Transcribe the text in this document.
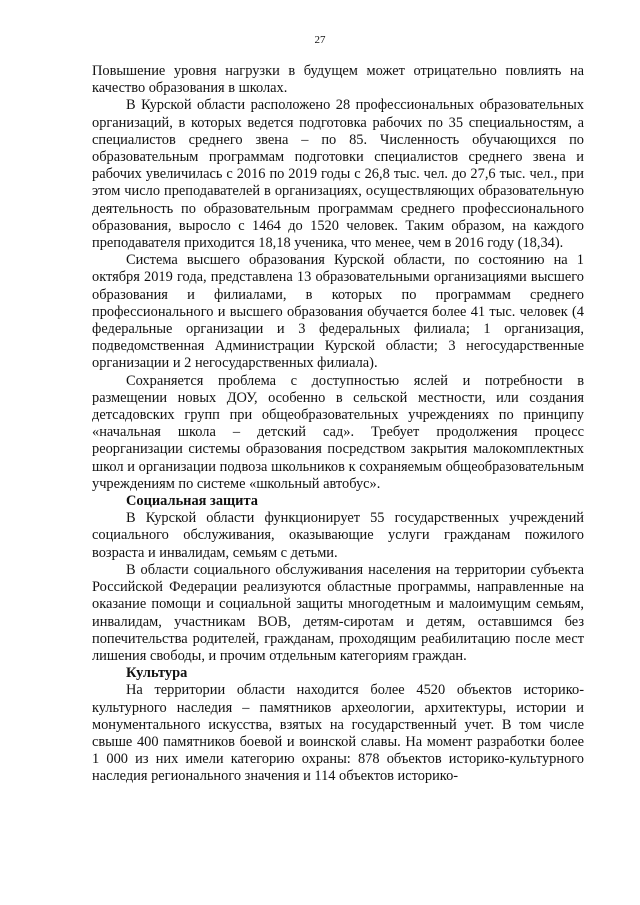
27

Повышение уровня нагрузки в будущем может отрицательно повлиять на качество образования в школах.

В Курской области расположено 28 профессиональных образовательных организаций, в которых ведется подготовка рабочих по 35 специальностям, а специалистов среднего звена – по 85. Численность обучающихся по образовательным программам подготовки специалистов среднего звена и рабочих увеличилась с 2016 по 2019 годы с 26,8 тыс. чел. до 27,6 тыс. чел., при этом число преподавателей в организациях, осуществляющих образовательную деятельность по образовательным программам среднего профессионального образования, выросло с 1464 до 1520 человек. Таким образом, на каждого преподавателя приходится 18,18 ученика, что менее, чем в 2016 году (18,34).

Система высшего образования Курской области, по состоянию на 1 октября 2019 года, представлена 13 образовательными организациями высшего образования и филиалами, в которых по программам среднего профессионального и высшего образования обучается более 41 тыс. человек (4 федеральные организации и 3 федеральных филиала; 1 организация, подведомственная Администрации Курской области; 3 негосударственные организации и 2 негосударственных филиала).

Сохраняется проблема с доступностью яслей и потребности в размещении новых ДОУ, особенно в сельской местности, или создания детсадовских групп при общеобразовательных учреждениях по принципу «начальная школа – детский сад». Требует продолжения процесс реорганизации системы образования посредством закрытия малокомплектных школ и организации подвоза школьников к сохраняемым общеобразовательным учреждениям по системе «школьный автобус».

Социальная защита

В Курской области функционирует 55 государственных учреждений социального обслуживания, оказывающие услуги гражданам пожилого возраста и инвалидам, семьям с детьми.

В области социального обслуживания населения на территории субъекта Российской Федерации реализуются областные программы, направленные на оказание помощи и социальной защиты многодетным и малоимущим семьям, инвалидам, участникам ВОВ, детям-сиротам и детям, оставшимся без попечительства родителей, гражданам, проходящим реабилитацию после мест лишения свободы, и прочим отдельным категориям граждан.

Культура

На территории области находится более 4520 объектов историко-культурного наследия – памятников археологии, архитектуры, истории и монументального искусства, взятых на государственный учет. В том числе свыше 400 памятников боевой и воинской славы. На момент разработки более 1 000 из них имели категорию охраны: 878 объектов историко-культурного наследия регионального значения и 114 объектов историко-
